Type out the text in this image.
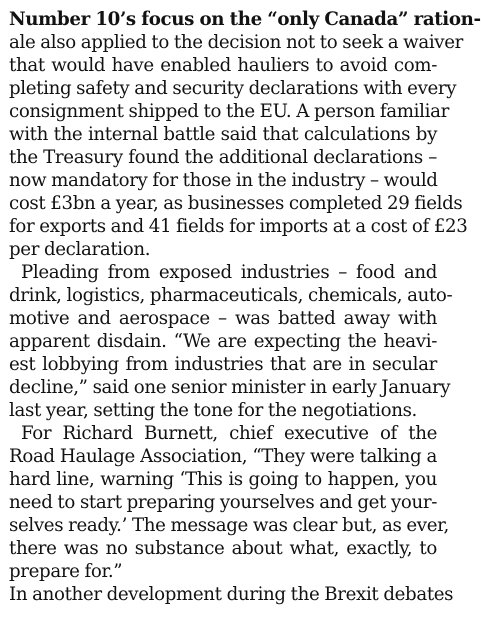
Number 10’s focus on the “only Canada” ration-
ale also applied to the decision not to seek a waiver
that would have enabled hauliers to avoid com-
pleting safety and security declarations with every
consignment shipped to the EU. A person familiar
with the internal battle said that calculations by
the Treasury found the additional declarations –
now mandatory for those in the industry – would
cost £3bn a year, as businesses completed 29 fields
for exports and 41 fields for imports at a cost of £23
per declaration.
Pleading from exposed industries – food and
drink, logistics, pharmaceuticals, chemicals, auto-
motive and aerospace – was batted away with
apparent disdain. “We are expecting the heavi-
est lobbying from industries that are in secular
decline,” said one senior minister in early January
last year, setting the tone for the negotiations.
For Richard Burnett, chief executive of the
Road Haulage Association, “They were talking a
hard line, warning ‘This is going to happen, you
need to start preparing yourselves and get your-
selves ready.’ The message was clear but, as ever,
there was no substance about what, exactly, to
prepare for.”
In another development during the Brexit debates
